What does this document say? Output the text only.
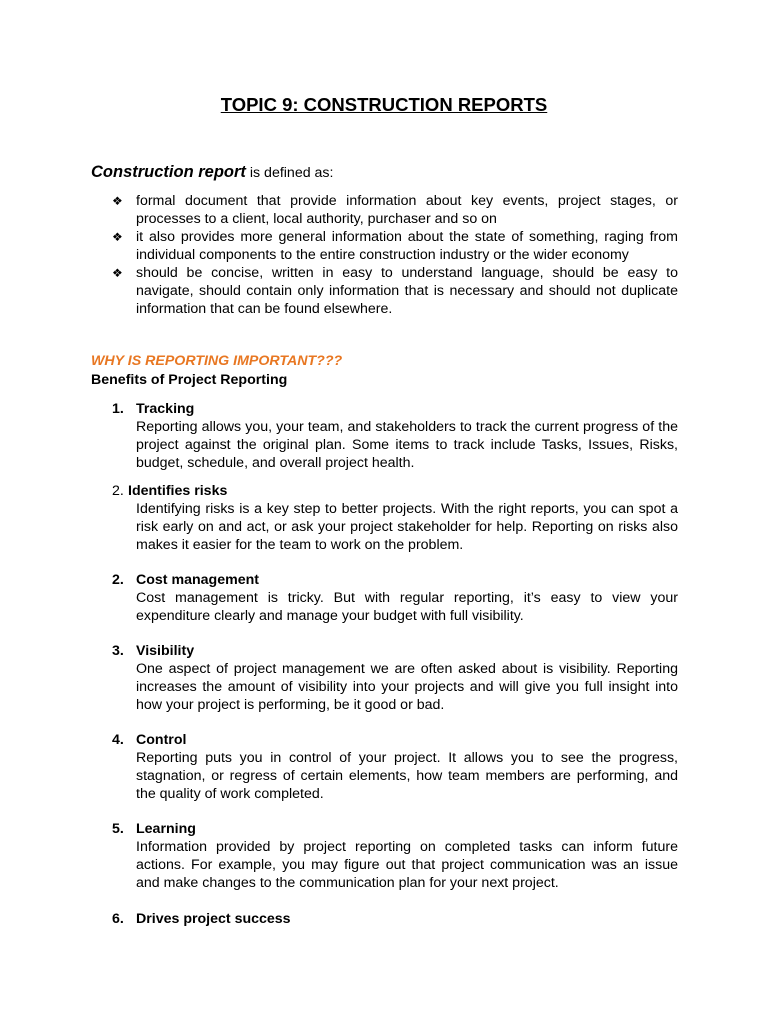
TOPIC 9: CONSTRUCTION REPORTS
Construction report is defined as:
❖ formal document that provide information about key events, project stages, or processes to a client, local authority, purchaser and so on
❖ it also provides more general information about the state of something, raging from individual components to the entire construction industry or the wider economy
❖ should be concise, written in easy to understand language, should be easy to navigate, should contain only information that is necessary and should not duplicate information that can be found elsewhere.
WHY IS REPORTING IMPORTANT???
Benefits of Project Reporting
1. Tracking
Reporting allows you, your team, and stakeholders to track the current progress of the project against the original plan. Some items to track include Tasks, Issues, Risks, budget, schedule, and overall project health.
2. Identifies risks
Identifying risks is a key step to better projects. With the right reports, you can spot a risk early on and act, or ask your project stakeholder for help. Reporting on risks also makes it easier for the team to work on the problem.
2. Cost management
Cost management is tricky. But with regular reporting, it’s easy to view your expenditure clearly and manage your budget with full visibility.
3. Visibility
One aspect of project management we are often asked about is visibility. Reporting increases the amount of visibility into your projects and will give you full insight into how your project is performing, be it good or bad.
4. Control
Reporting puts you in control of your project. It allows you to see the progress, stagnation, or regress of certain elements, how team members are performing, and the quality of work completed.
5. Learning
Information provided by project reporting on completed tasks can inform future actions. For example, you may figure out that project communication was an issue and make changes to the communication plan for your next project.
6. Drives project success
